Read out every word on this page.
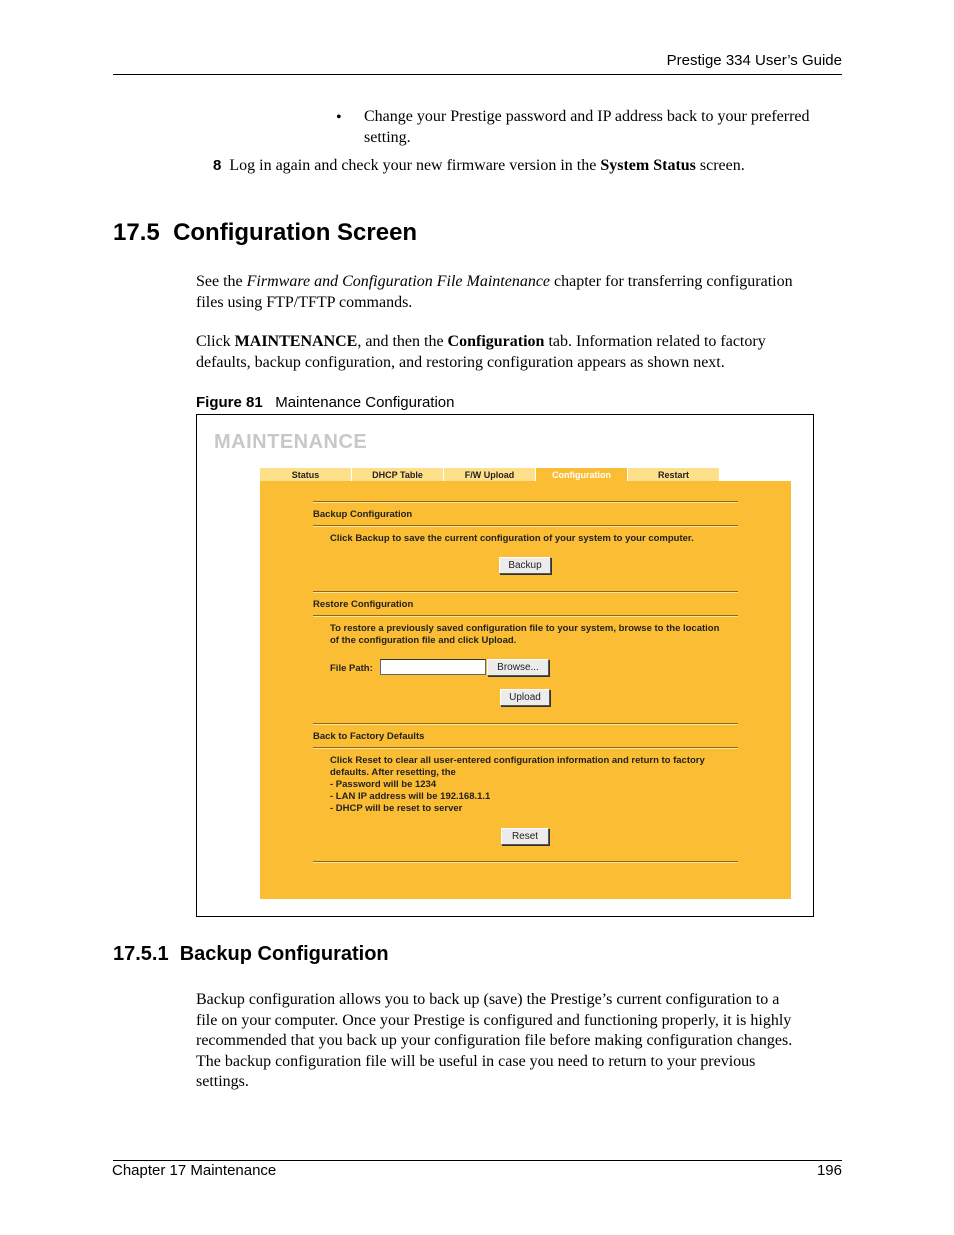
Prestige 334 User’s Guide
• Change your Prestige password and IP address back to your preferred setting.
8 Log in again and check your new firmware version in the System Status screen.
17.5 Configuration Screen
See the Firmware and Configuration File Maintenance chapter for transferring configuration
files using FTP/TFTP commands.
Click MAINTENANCE, and then the Configuration tab. Information related to factory
defaults, backup configuration, and restoring configuration appears as shown next.
Figure 81 Maintenance Configuration
MAINTENANCE
Status	DHCP Table	F/W Upload	Configuration	Restart
Backup Configuration
Click Backup to save the current configuration of your system to your computer.
Backup
Restore Configuration
To restore a previously saved configuration file to your system, browse to the location
of the configuration file and click Upload.
File Path:	Browse...
Upload
Back to Factory Defaults
Click Reset to clear all user-entered configuration information and return to factory
defaults. After resetting, the
- Password will be 1234
- LAN IP address will be 192.168.1.1
- DHCP will be reset to server
Reset
17.5.1 Backup Configuration
Backup configuration allows you to back up (save) the Prestige’s current configuration to a
file on your computer. Once your Prestige is configured and functioning properly, it is highly
recommended that you back up your configuration file before making configuration changes.
The backup configuration file will be useful in case you need to return to your previous
settings.
Chapter 17 Maintenance	196
